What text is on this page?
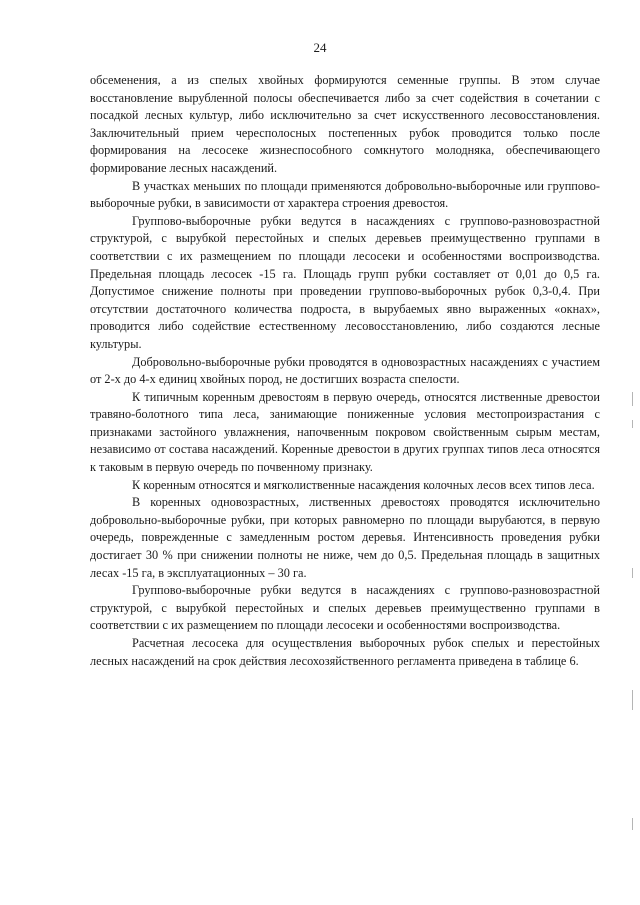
24

обсеменения, а из спелых хвойных формируются семенные группы. В этом случае восстановление вырубленной полосы обеспечивается либо за счет содействия в сочетании с посадкой лесных культур, либо исключительно за счет искусственного лесовосстановления. Заключительный прием чересполосных постепенных рубок проводится только после формирования на лесосеке жизнеспособного сомкнутого молодняка, обеспечивающего формирование лесных насаждений.

В участках меньших по площади применяются добровольно-выборочные или группово-выборочные рубки, в зависимости от характера строения древостоя.

Группово-выборочные рубки ведутся в насаждениях с группово-разновозрастной структурой, с вырубкой перестойных и спелых деревьев преимущественно группами в соответствии с их размещением по площади лесосеки и особенностями воспроизводства. Предельная площадь лесосек -15 га. Площадь групп рубки составляет от 0,01 до 0,5 га. Допустимое снижение полноты при проведении группово-выборочных рубок 0,3-0,4. При отсутствии достаточного количества подроста, в вырубаемых явно выраженных «окнах», проводится либо содействие естественному лесовосстановлению, либо создаются лесные культуры.

Добровольно-выборочные рубки проводятся в одновозрастных насаждениях с участием от 2-х до 4-х единиц хвойных пород, не достигших возраста спелости.

К типичным коренным древостоям в первую очередь, относятся лиственные древостои травяно-болотного типа леса, занимающие пониженные условия местопроизрастания с признаками застойного увлажнения, напочвенным покровом свойственным сырым местам, независимо от состава насаждений. Коренные древостои в других группах типов леса относятся к таковым в первую очередь по почвенному признаку.

К коренным относятся и мягколиственные насаждения колочных лесов всех типов леса.

В коренных одновозрастных, лиственных древостоях проводятся исключительно добровольно-выборочные рубки, при которых равномерно по площади вырубаются, в первую очередь, поврежденные с замедленным ростом деревья. Интенсивность проведения рубки достигает 30 % при снижении полноты не ниже, чем до 0,5. Предельная площадь в защитных лесах -15 га, в эксплуатационных – 30 га.

Группово-выборочные рубки ведутся в насаждениях с группово-разновозрастной структурой, с вырубкой перестойных и спелых деревьев преимущественно группами в соответствии с их размещением по площади лесосеки и особенностями воспроизводства.

Расчетная лесосека для осуществления выборочных рубок спелых и перестойных лесных насаждений на срок действия лесохозяйственного регламента приведена в таблице 6.
